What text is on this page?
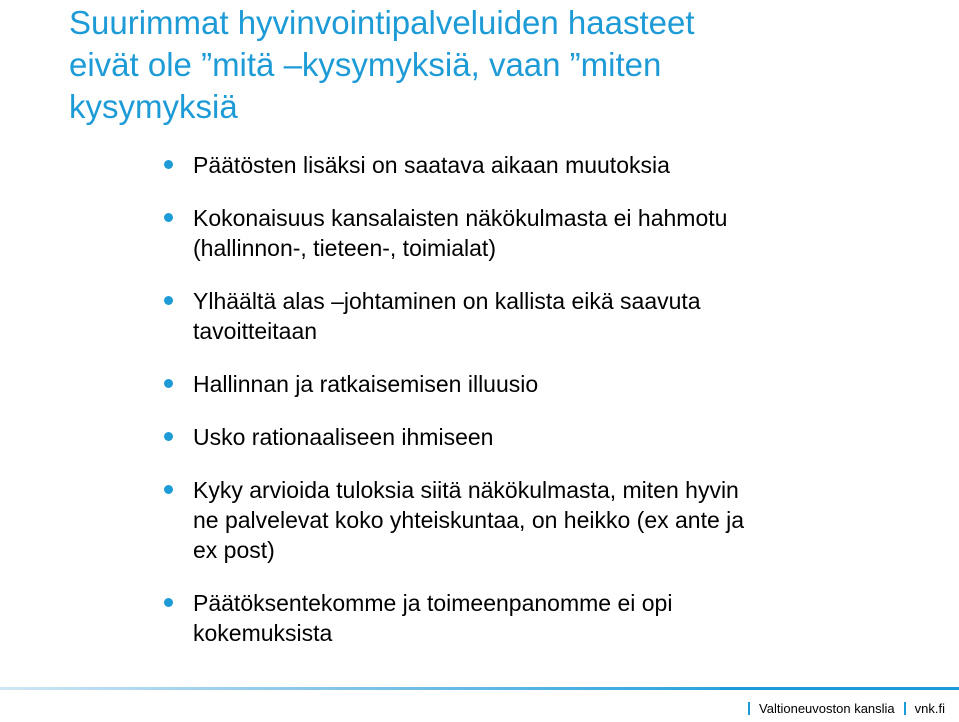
Suurimmat hyvinvointipalveluiden haasteet
eivät ole ”mitä –kysymyksiä, vaan ”miten
kysymyksiä
Päätösten lisäksi on saatava aikaan muutoksia
Kokonaisuus kansalaisten näkökulmasta ei hahmotu
(hallinnon-, tieteen-, toimialat)
Ylhäältä alas –johtaminen on kallista eikä saavuta
tavoitteitaan
Hallinnan ja ratkaisemisen illuusio
Usko rationaaliseen ihmiseen
Kyky arvioida tuloksia siitä näkökulmasta, miten hyvin
ne palvelevat koko yhteiskuntaa, on heikko (ex ante ja
ex post)
Päätöksentekomme ja toimeenpanomme ei opi
kokemuksista
Valtioneuvoston kanslia vnk.fi
